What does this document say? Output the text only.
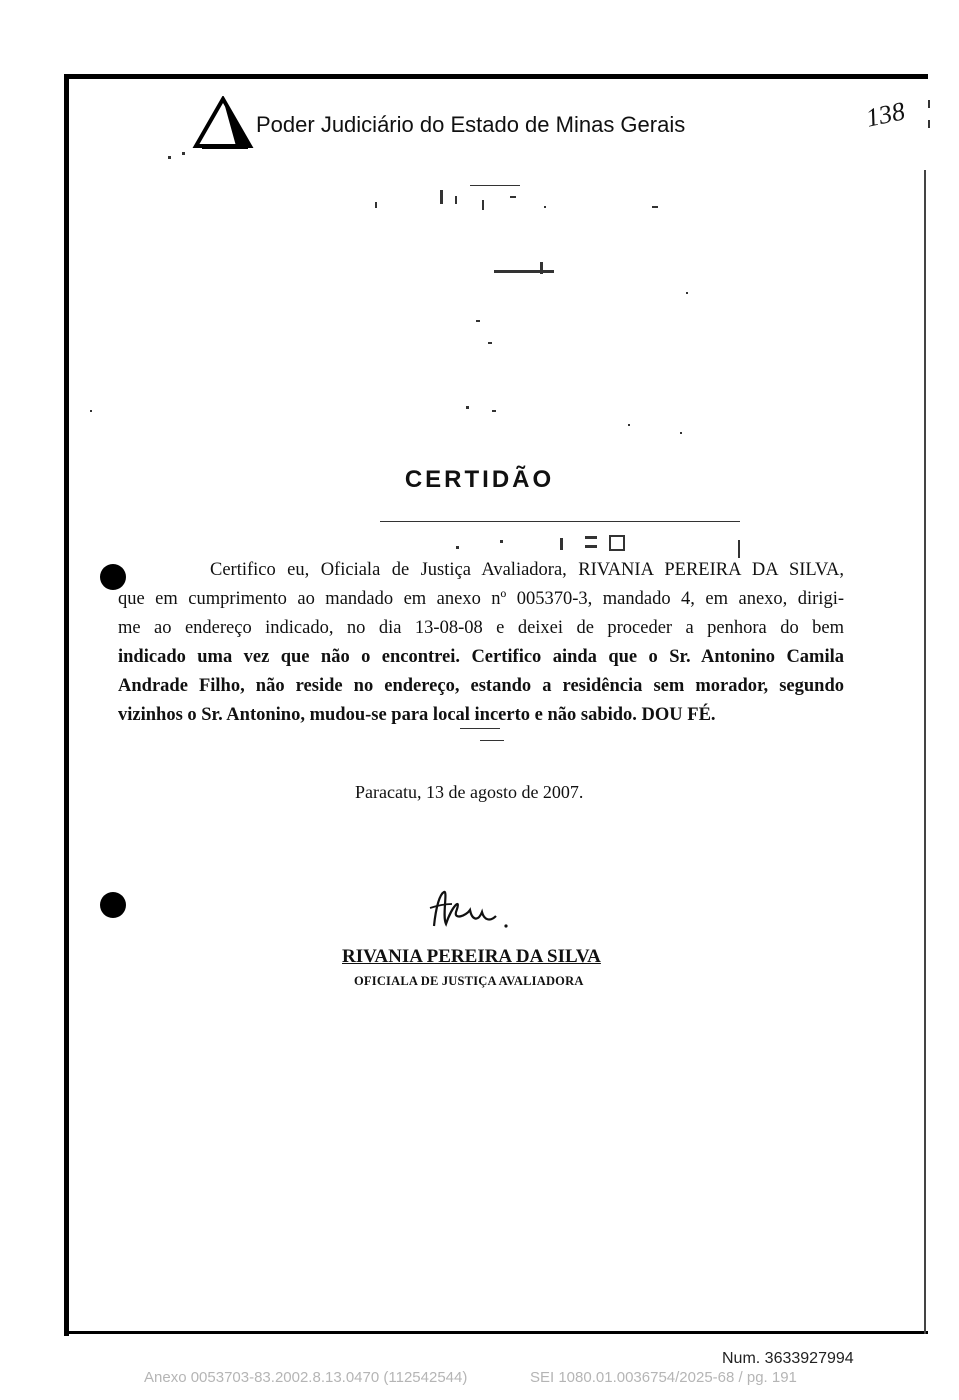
Poder Judiciário do Estado de Minas Gerais	138
CERTIDÃO
Certifico eu, Oficiala de Justiça Avaliadora, RIVANIA PEREIRA DA SILVA,
que em cumprimento ao mandado em anexo nº 005370-3, mandado 4, em anexo, dirigi-
me ao endereço indicado, no dia 13-08-08 e deixei de proceder a penhora do bem
indicado uma vez que não o encontrei. Certifico ainda que o Sr. Antonino Camila
Andrade Filho, não reside no endereço, estando a residência sem morador, segundo
vizinhos o Sr. Antonino, mudou-se para local incerto e não sabido. DOU FÉ.
Paracatu, 13 de agosto de 2007.
RIVANIA PEREIRA DA SILVA
OFICIALA DE JUSTIÇA AVALIADORA
Num. 3633927994
Anexo 0053703-83.2002.8.13.0470 (112542544)	SEI 1080.01.0036754/2025-68 / pg. 191
